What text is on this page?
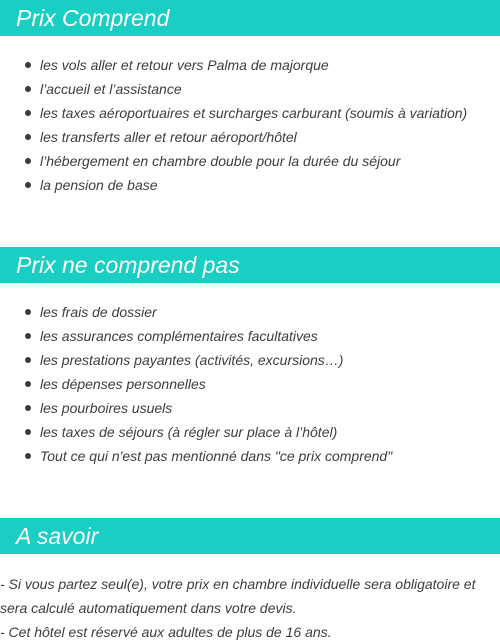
Prix Comprend
les vols aller et retour vers Palma de majorque
l’accueil et l’assistance
les taxes aéroportuaires et surcharges carburant (soumis à variation)
les transferts aller et retour aéroport/hôtel
l’hébergement en chambre double pour la durée du séjour
la pension de base
Prix ne comprend pas
les frais de dossier
les assurances complémentaires facultatives
les prestations payantes (activités, excursions…)
les dépenses personnelles
les pourboires usuels
les taxes de séjours (à régler sur place à l’hôtel)
Tout ce qui n'est pas mentionné dans "ce prix comprend"
A savoir

- Si vous partez seul(e), votre prix en chambre individuelle sera obligatoire et sera calculé automatiquement dans votre devis.

- Cet hôtel est réservé aux adultes de plus de 16 ans.
